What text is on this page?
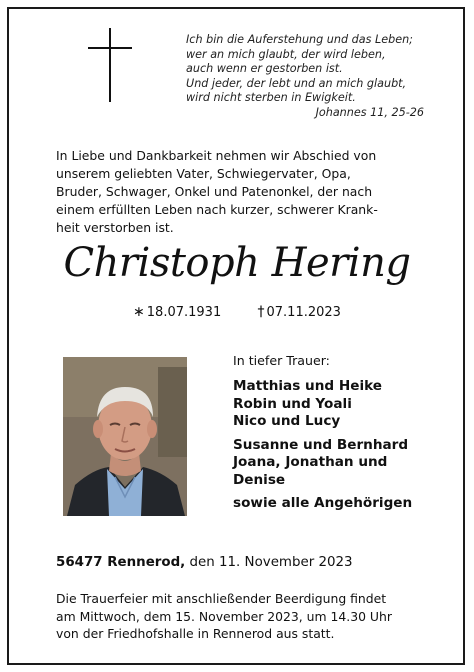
Ich bin die Auferstehung und das Leben;
wer an mich glaubt, der wird leben,
auch wenn er gestorben ist.
Und jeder, der lebt und an mich glaubt,
wird nicht sterben in Ewigkeit.
Johannes 11, 25-26
In Liebe und Dankbarkeit nehmen wir Abschied von
unserem geliebten Vater, Schwiegervater, Opa,
Bruder, Schwager, Onkel und Patenonkel, der nach
einem erfüllten Leben nach kurzer, schwerer Krank-
heit verstorben ist.
Christoph Hering
∗ 18.07.1931	† 07.11.2023
In tiefer Trauer:
Matthias und Heike
Robin und Yoali
Nico und Lucy
Susanne und Bernhard
Joana, Jonathan und
Denise
sowie alle Angehörigen
56477 Rennerod, den 11. November 2023
Die Trauerfeier mit anschließender Beerdigung findet
am Mittwoch, dem 15. November 2023, um 14.30 Uhr
von der Friedhofshalle in Rennerod aus statt.
